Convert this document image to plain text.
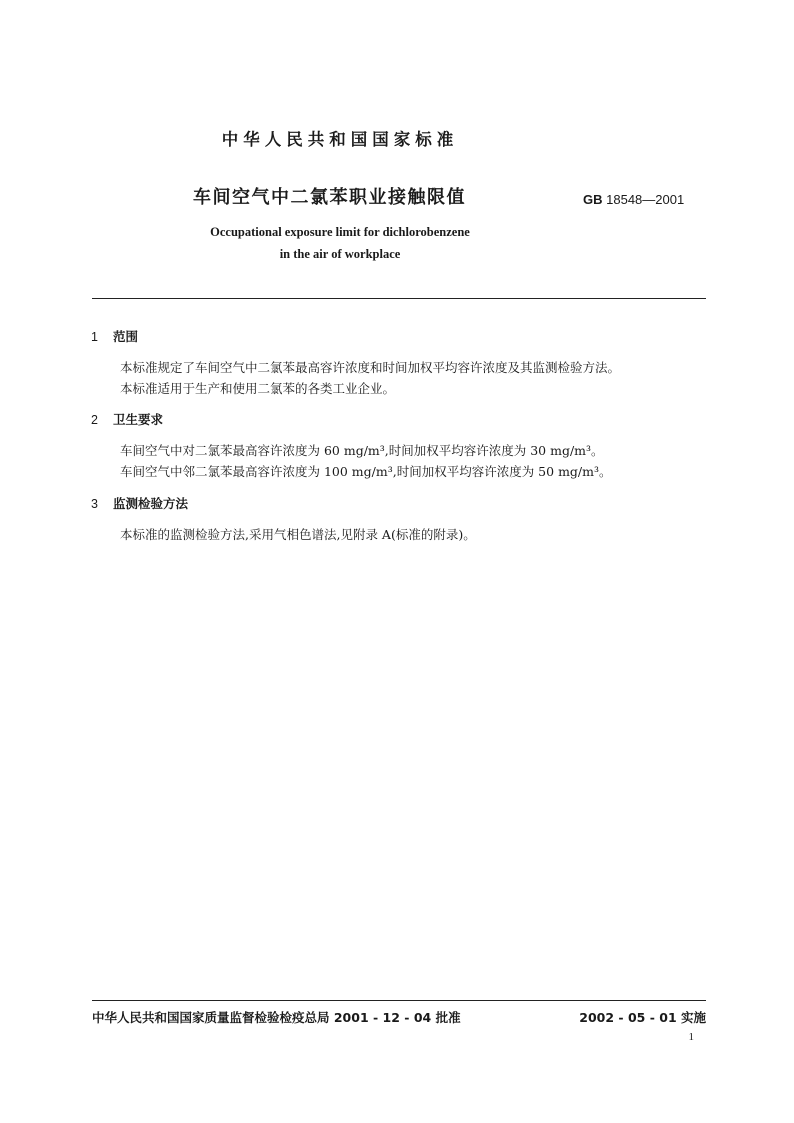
中华人民共和国国家标准
车间空气中二氯苯职业接触限值	GB 18548—2001
Occupational exposure limit for dichlorobenzene
in the air of workplace
1 范围
本标准规定了车间空气中二氯苯最高容许浓度和时间加权平均容许浓度及其监测检验方法。
本标准适用于生产和使用二氯苯的各类工业企业。
2 卫生要求
车间空气中对二氯苯最高容许浓度为 60 mg/m³,时间加权平均容许浓度为 30 mg/m³。
车间空气中邻二氯苯最高容许浓度为 100 mg/m³,时间加权平均容许浓度为 50 mg/m³。
3 监测检验方法
本标准的监测检验方法,采用气相色谱法,见附录 A(标准的附录)。
中华人民共和国国家质量监督检验检疫总局 2001 - 12 - 04 批准	2002 - 05 - 01 实施
1
